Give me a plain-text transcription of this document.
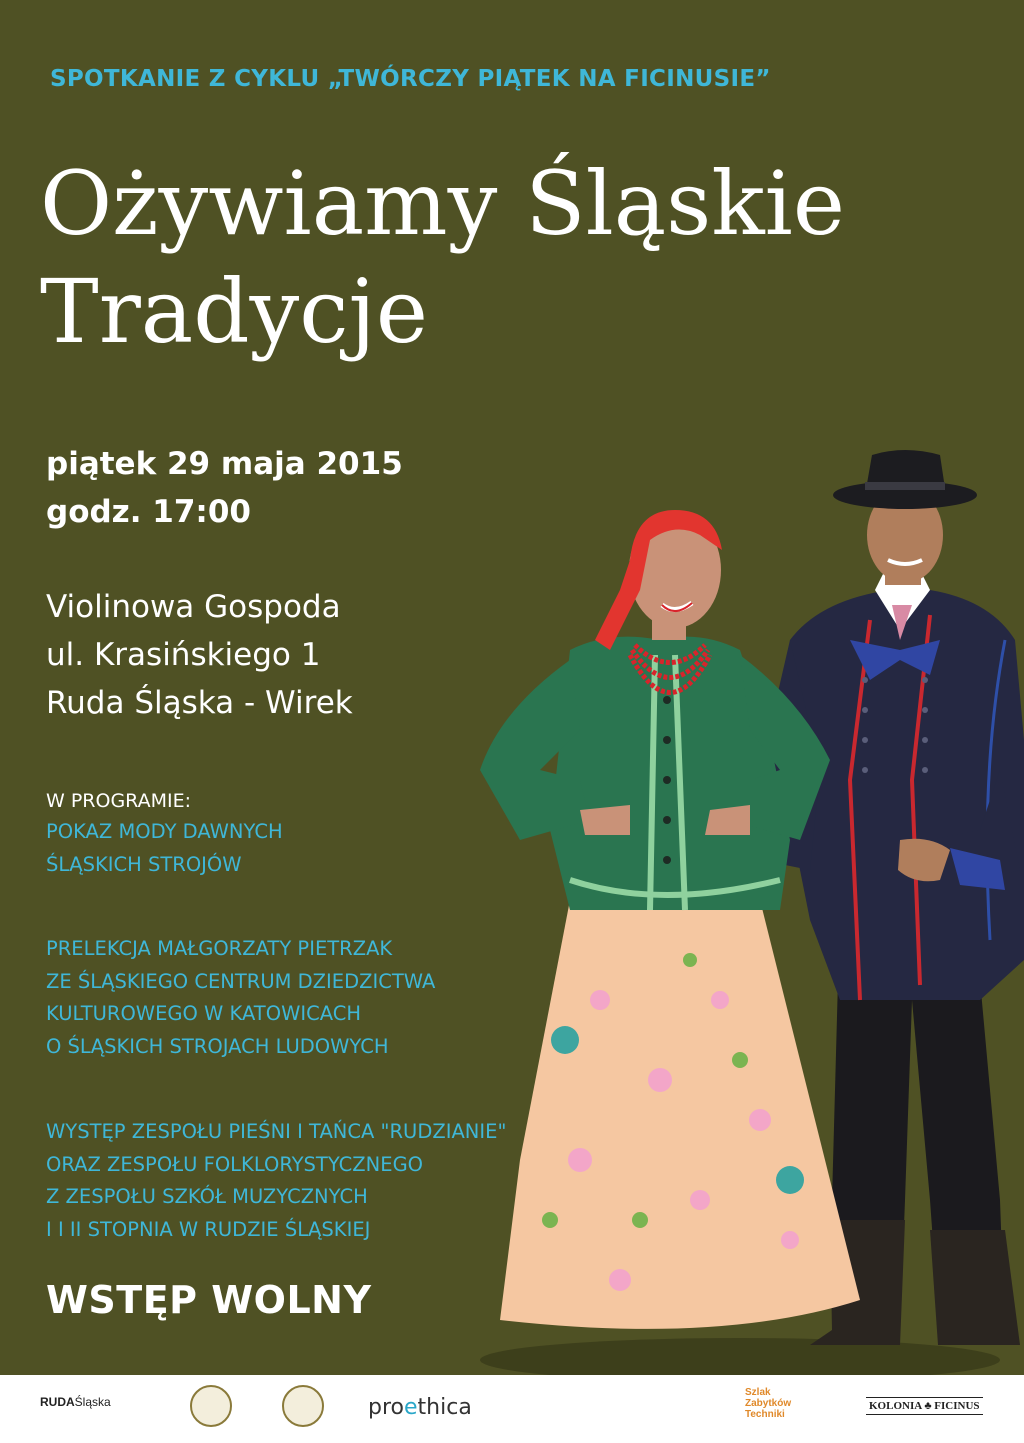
SPOTKANIE Z CYKLU „TWÓRCZY PIĄTEK NA FICINUSIE”
Ożywiamy Śląskie
Tradycje
piątek 29 maja 2015
godz. 17:00
Violinowa Gospoda
ul. Krasińskiego 1
Ruda Śląska - Wirek
W PROGRAMIE:
POKAZ MODY DAWNYCH
ŚLĄSKICH STROJÓW
PRELEKCJA MAŁGORZATY PIETRZAK
ZE ŚLĄSKIEGO CENTRUM DZIEDZICTWA
KULTUROWEGO W KATOWICACH
O ŚLĄSKICH STROJACH LUDOWYCH
WYSTĘP ZESPOŁU PIEŚNI I TAŃCA "RUDZIANIE"
ORAZ ZESPOŁU FOLKLORYSTYCZNEGO
Z ZESPOŁU SZKÓŁ MUZYCZNYCH
I I II STOPNIA W RUDZIE ŚLĄSKIEJ
WSTĘP WOLNY
RUDA Śląska	pro e thica
Szlak
Zabytków
Techniki
KOLONIA ♣ FICINUS
